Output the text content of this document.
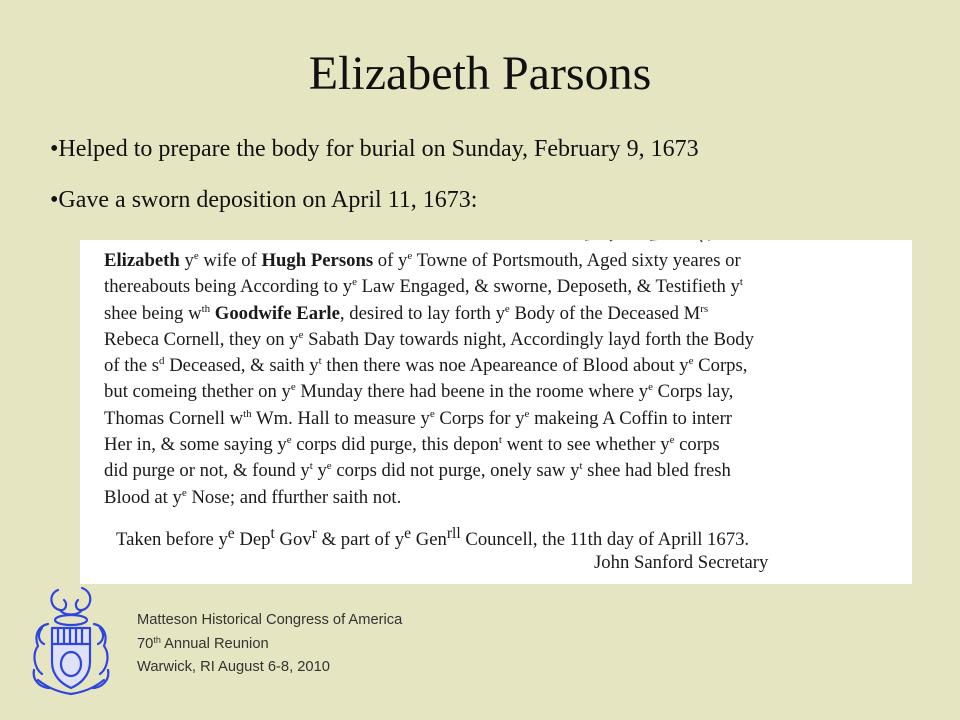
Elizabeth Parsons
•Helped to prepare the body for burial on Sunday, February 9, 1673
•Gave a sworn deposition on April 11, 1673:
Elizabeth $y^e$ wife of Hugh Persons of $y^e$ Towne of Portsmouth, Aged sixty yeares or
thereabouts being According to $y^e$ Law Engaged, & sworne, Deposeth, & Testifieth $y^t$
shee being $w^{th}$ Goodwife Earle, desired to lay forth $y^e$ Body of the Deceased $M^{rs}$
Rebeca Cornell, they on $y^e$ Sabath Day towards night, Accordingly layd forth the Body
of the $s^d$ Deceased, & saith $y^t$ then there was noe Apeareance of Blood about $y^e$ Corps,
but comeing thether on $y^e$ Munday there had beene in the roome where $y^e$ Corps lay,
Thomas Cornell $w^{th}$ Wm. Hall to measure $y^e$ Corps for $y^e$ makeing A Coffin to interr
Her in, & some saying $y^e$ corps did purge, this depon$^t$ went to see whether $y^e$ corps
did purge or not, & found $y^t$ $y^e$ corps did not purge, onely saw $y^t$ shee had bled fresh
Blood at $y^e$ Nose; and ffurther saith not.
Taken before $y^e$ Dep$^t$ Gov$^r$ & part of $y^e$ Gen$^{rll}$ Councell, the 11th day of Aprill 1673.
John Sanford Secretary
Matteson Historical Congress of America
70th Annual Reunion
Warwick, RI August 6-8, 2010
